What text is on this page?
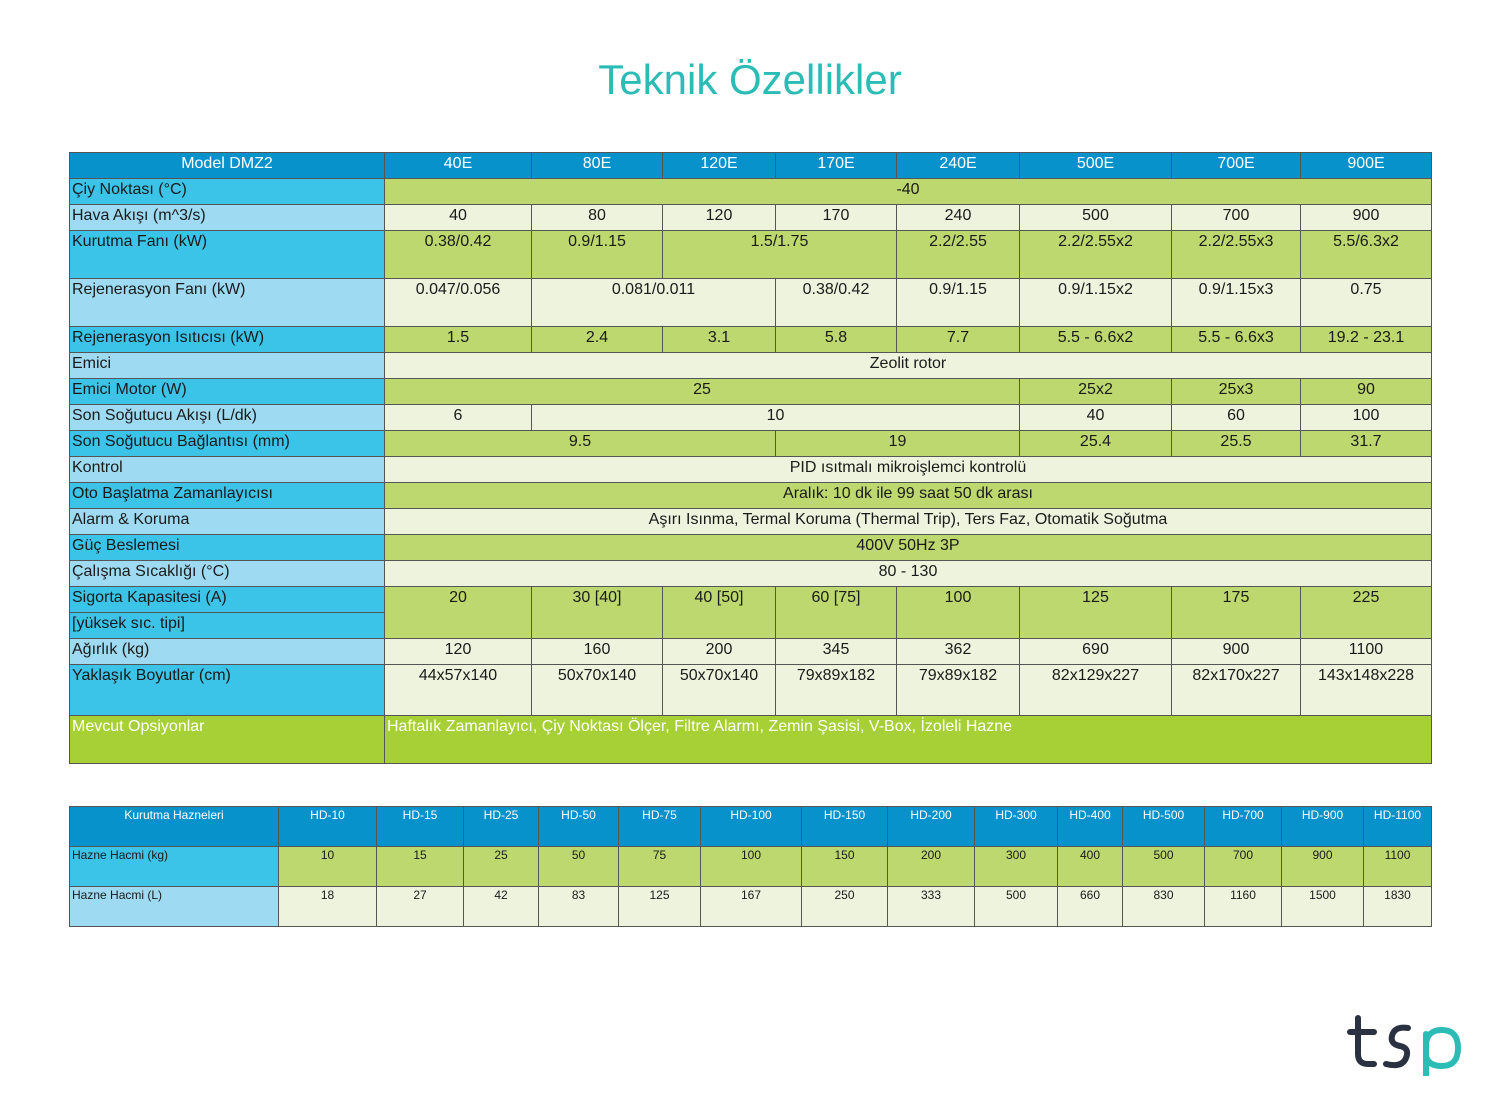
Teknik Özellikler
Model DMZ2	40E	80E	120E	170E	240E	500E	700E	900E
Çiy Noktası (°C)	-40							
Hava Akışı (m^3/s)	40	80	120	170	240	500	700	900
Kurutma Fanı (kW)	0.38/0.42	0.9/1.15	1.5/1.75		2.2/2.55	2.2/2.55x2	2.2/2.55x3	5.5/6.3x2
Rejenerasyon Fanı (kW)	0.047/0.056	0.081/0.011		0.38/0.42	0.9/1.15	0.9/1.15x2	0.9/1.15x3	0.75
Rejenerasyon Isıtıcısı (kW)	1.5	2.4	3.1	5.8	7.7	5.5 - 6.6x2	5.5 - 6.6x3	19.2 - 23.1
Emici	Zeolit rotor							
Emici Motor (W)	25					25x2	25x3	90
Son Soğutucu Akışı (L/dk)	6	10				40	60	100
Son Soğutucu Bağlantısı (mm)	9.5			19		25.4	25.5	31.7
Kontrol	PID ısıtmalı mikroişlemci kontrolü							
Oto Başlatma Zamanlayıcısı	Aralık: 10 dk ile 99 saat 50 dk arası							
Alarm & Koruma	Aşırı Isınma, Termal Koruma (Thermal Trip), Ters Faz, Otomatik Soğutma							
Güç Beslemesi	400V 50Hz 3P							
Çalışma Sıcaklığı (°C)	80 - 130							
Sigorta Kapasitesi (A)	20	30 [40]	40 [50]	60 [75]	100	125	175	225
[yüksek sıc. tipi]								
Ağırlık (kg)	120	160	200	345	362	690	900	1100
Yaklaşık Boyutlar (cm)	44x57x140	50x70x140	50x70x140	79x89x182	79x89x182	82x129x227	82x170x227	143x148x228
Mevcut Opsiyonlar	Haftalık Zamanlayıcı, Çiy Noktası Ölçer, Filtre Alarmı, Zemin Şasisi, V-Box, İzoleli Hazne							
Kurutma Hazneleri	HD-10	HD-15	HD-25	HD-50	HD-75	HD-100	HD-150	HD-200	HD-300	HD-400	HD-500	HD-700	HD-900	HD-1100
Hazne Hacmi (kg)	10	15	25	50	75	100	150	200	300	400	500	700	900	1100
Hazne Hacmi (L)	18	27	42	83	125	167	250	333	500	660	830	1160	1500	1830
